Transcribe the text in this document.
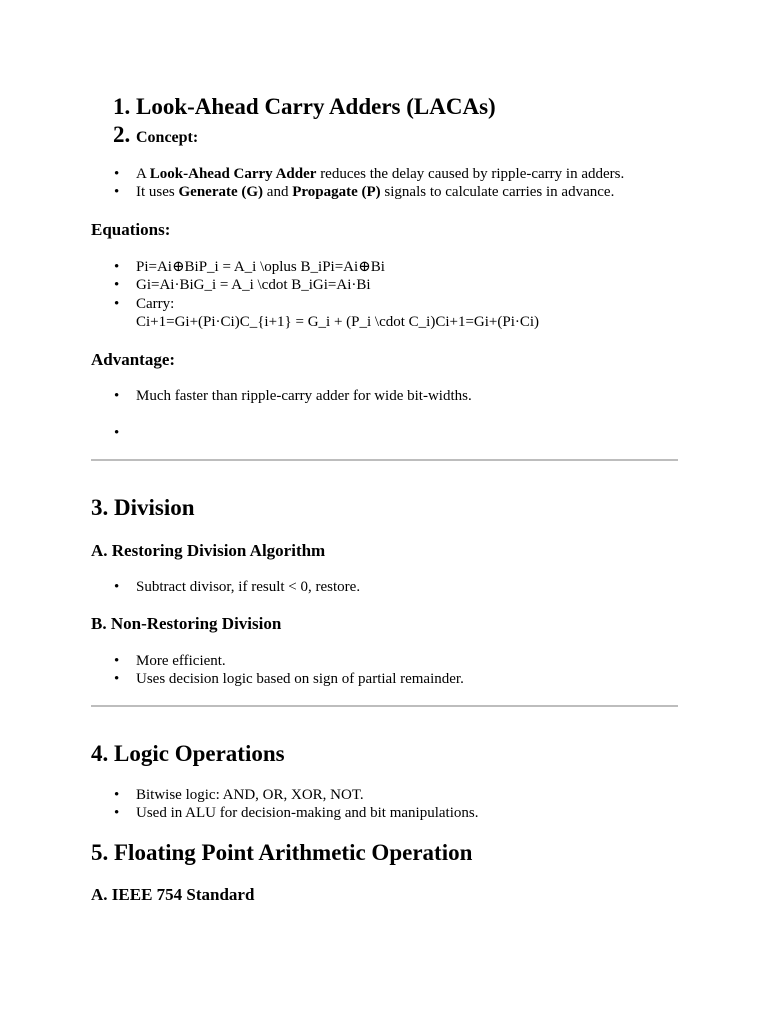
1. Look-Ahead Carry Adders (LACAs)
2. Concept:
• A Look-Ahead Carry Adder reduces the delay caused by ripple-carry in adders.
• It uses Generate (G) and Propagate (P) signals to calculate carries in advance.
Equations:
• Pi=Ai⊕BiP_i = A_i \oplus B_iPi=Ai⊕Bi
• Gi=Ai·BiG_i = A_i \cdot B_iGi=Ai·Bi
• Carry:
Ci+1=Gi+(Pi·Ci)C_{i+1} = G_i + (P_i \cdot C_i)Ci+1=Gi+(Pi·Ci)
Advantage:
• Much faster than ripple-carry adder for wide bit-widths.
•
3. Division
A. Restoring Division Algorithm
• Subtract divisor, if result < 0, restore.
B. Non-Restoring Division
• More efficient.
• Uses decision logic based on sign of partial remainder.
4. Logic Operations
• Bitwise logic: AND, OR, XOR, NOT.
• Used in ALU for decision-making and bit manipulations.
5. Floating Point Arithmetic Operation
A. IEEE 754 Standard
